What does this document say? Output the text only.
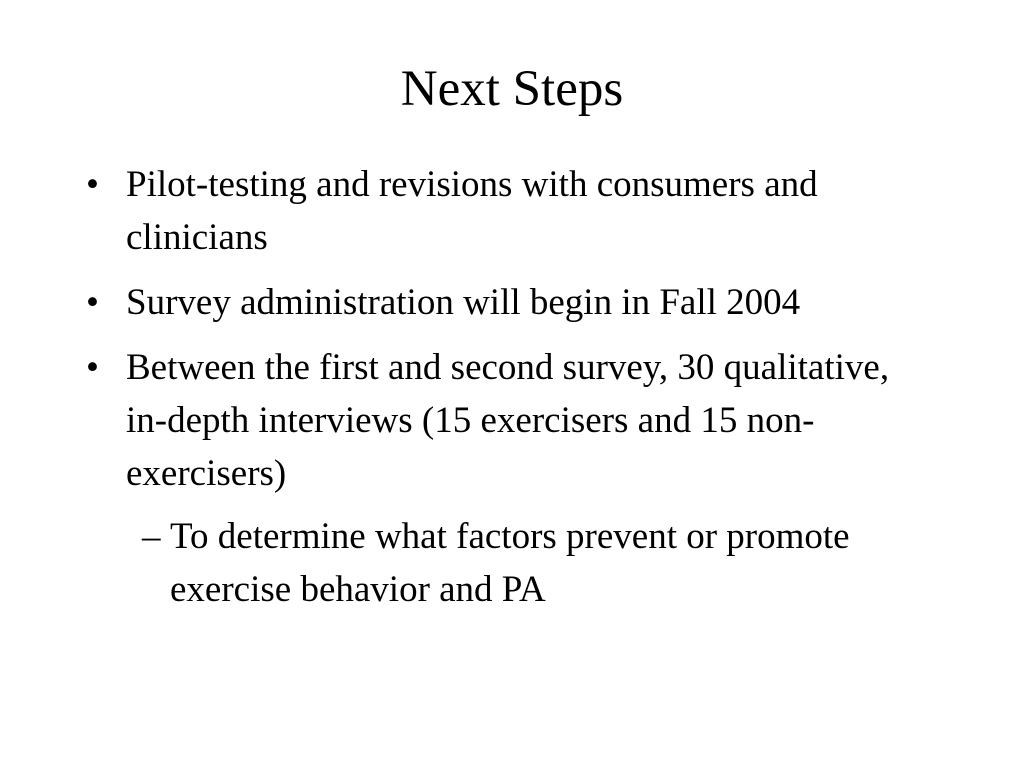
Next Steps
• Pilot-testing and revisions with consumers and clinicians
• Survey administration will begin in Fall 2004
• Between the first and second survey, 30 qualitative, in-depth interviews (15 exercisers and 15 non-exercisers)
– To determine what factors prevent or promote exercise behavior and PA
